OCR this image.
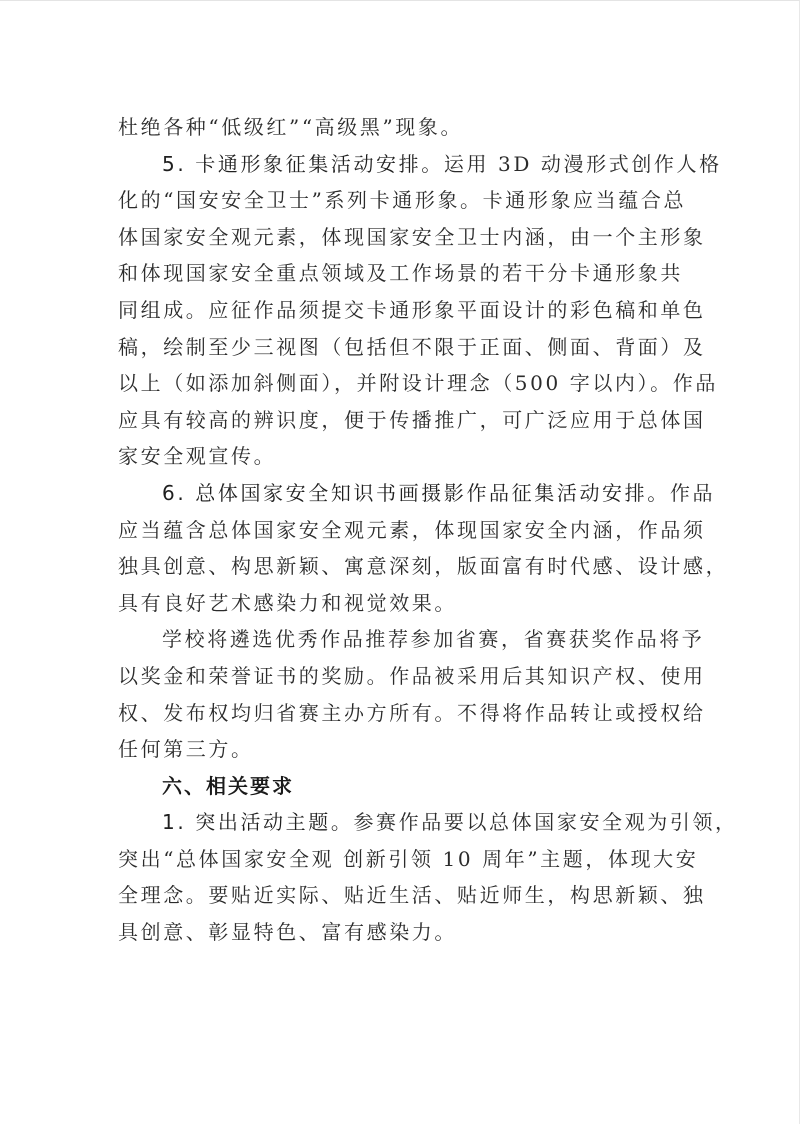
杜绝各种“低级红”“高级黑”现象。
5. 卡通形象征集活动安排。运用 3D 动漫形式创作人格
化的“国安安全卫士”系列卡通形象。卡通形象应当蕴合总
体国家安全观元素，体现国家安全卫士内涵，由一个主形象
和体现国家安全重点领域及工作场景的若干分卡通形象共
同组成。应征作品须提交卡通形象平面设计的彩色稿和单色
稿，绘制至少三视图（包括但不限于正面、侧面、背面）及
以上（如添加斜侧面），并附设计理念（500 字以内）。作品
应具有较高的辨识度，便于传播推广，可广泛应用于总体国
家安全观宣传。
6. 总体国家安全知识书画摄影作品征集活动安排。作品
应当蕴含总体国家安全观元素，体现国家安全内涵，作品须
独具创意、构思新颖、寓意深刻，版面富有时代感、设计感，
具有良好艺术感染力和视觉效果。
学校将遴选优秀作品推荐参加省赛，省赛获奖作品将予
以奖金和荣誉证书的奖励。作品被采用后其知识产权、使用
权、发布权均归省赛主办方所有。不得将作品转让或授权给
任何第三方。
六、相关要求
1. 突出活动主题。参赛作品要以总体国家安全观为引领，
突出“总体国家安全观 创新引领 10 周年”主题，体现大安
全理念。要贴近实际、贴近生活、贴近师生，构思新颖、独
具创意、彰显特色、富有感染力。
